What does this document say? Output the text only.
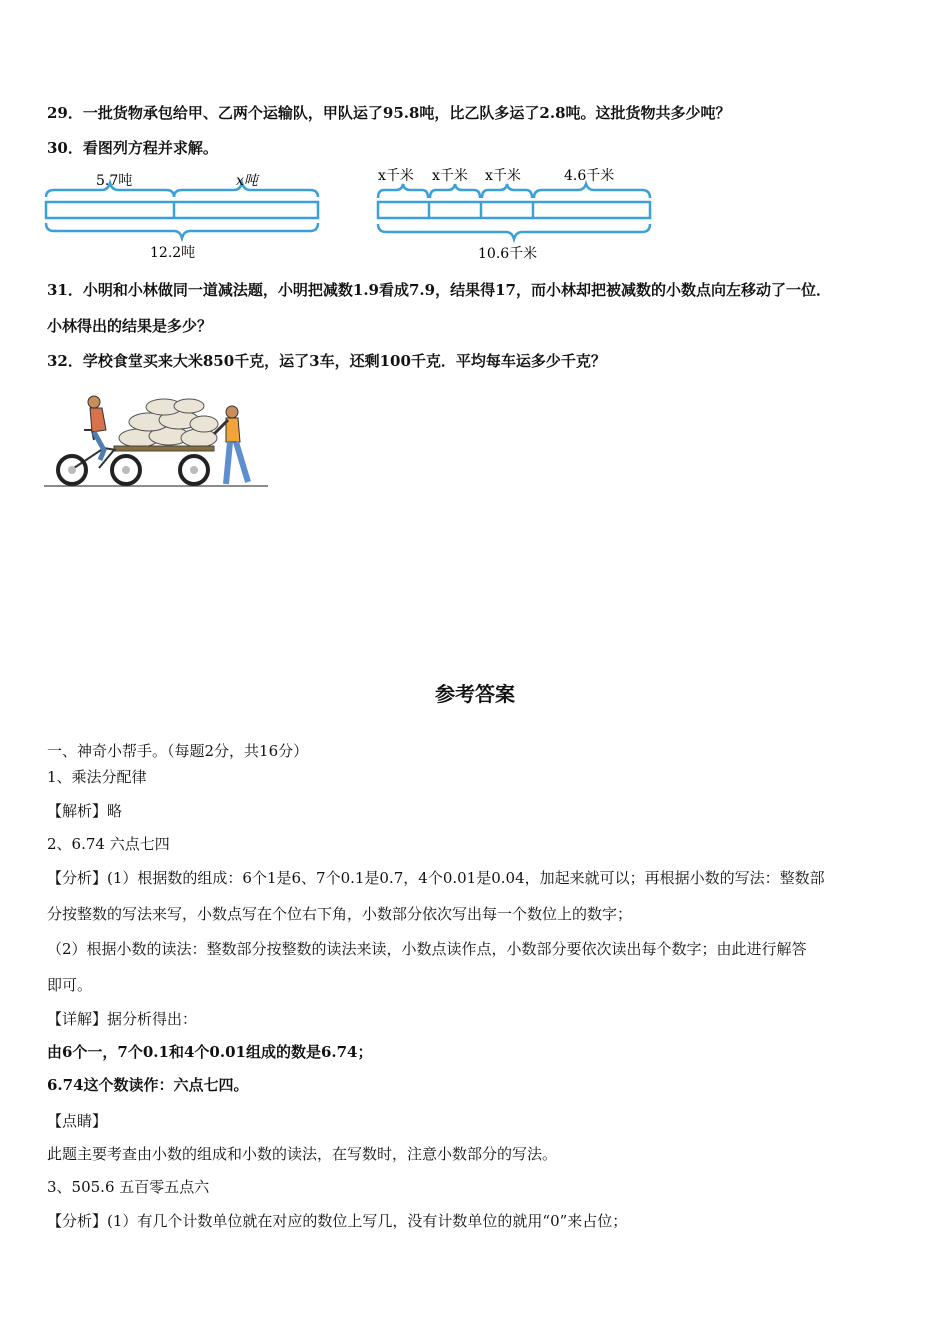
29．一批货物承包给甲、乙两个运输队，甲队运了95.8吨，比乙队多运了2.8吨。这批货物共多少吨？
30．看图列方程并求解。
5.7吨	x吨
12.2吨
x千米 x千米 x千米	4.6千米
10.6千米
31．小明和小林做同一道减法题，小明把减数1.9看成7.9，结果得17，而小林却把被减数的小数点向左移动了一位．
小林得出的结果是多少？
32．学校食堂买来大米850千克，运了3车，还剩100千克．平均每车运多少千克？
参考答案
一、神奇小帮手。（每题2分，共16分）
1、乘法分配律
【解析】略
2、6.74 六点七四
【分析】(1）根据数的组成：6个1是6、7个0.1是0.7，4个0.01是0.04，加起来就可以；再根据小数的写法：整数部
分按整数的写法来写，小数点写在个位右下角，小数部分依次写出每一个数位上的数字；
（2）根据小数的读法：整数部分按整数的读法来读，小数点读作点，小数部分要依次读出每个数字；由此进行解答
即可。
【详解】据分析得出：
由6个一，7个0.1和4个0.01组成的数是6.74；
6.74这个数读作：六点七四。
【点睛】
此题主要考查由小数的组成和小数的读法，在写数时，注意小数部分的写法。
3、505.6 五百零五点六
【分析】(1）有几个计数单位就在对应的数位上写几，没有计数单位的就用“0”来占位；
